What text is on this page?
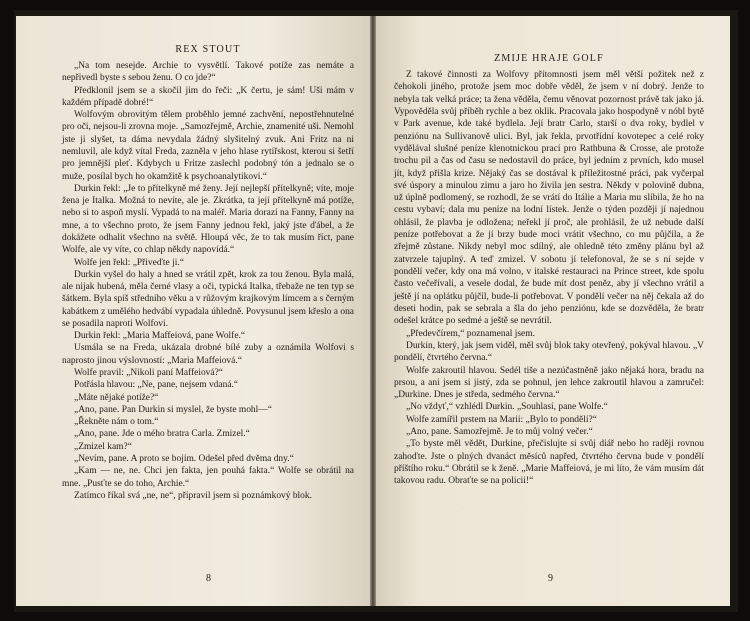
REX STOUT

„Na tom nesejde. Archie to vysvětlí. Takové potíže zas nemáte a nepřivedl byste s sebou ženu. O co jde?“

Předklonil jsem se a skočil jim do řeči: „K čertu, je sám! Uši mám v každém případě dobré!“

Wolfovým obrovitým tělem proběhlo jemné zachvění, nepostřehnutelné pro oči, nejsou-li zrovna moje. „Samozřejmě, Archie, znamenité uši. Nemohl jste ji slyšet, ta dáma nevydala žádný slyšitelný zvuk. Ani Fritz na ni nemluvil, ale když vítal Fredа, zazněla v jeho hlase rytířskost, kterou si šetří pro jemnější pleť. Kdybych u Fritze zaslechl podobný tón a jednalo se o muže, posílal bych ho okamžitě k psychoanalytikovi.“

Durkin řekl: „Je to přítelkyně mé ženy. Její nejlepší přítelkyně; víte, moje žena je Italka. Možná to nevíte, ale je. Zkrátka, ta její přítelkyně má potíže, nebo si to aspoň myslí. Vypadá to na maléř. Maria dorazí na Fanny, Fanny na mne, a to všechno proto, že jsem Fanny jednou řekl, jaký jste ďábel, a že dokážete odhalit všechno na světě. Hloupá věc, že to tak musím říct, pane Wolfe, ale vy víte, co chlap někdy napovídá.“

Wolfe jen řekl: „Přiveďte ji.“

Durkin vyšel do haly a hned se vrátil zpět, krok za tou ženou. Byla malá, ale nijak hubená, měla černé vlasy a oči, typická Italka, třebaže ne ten typ se šátkem. Byla spíš středního věku a v růžovým krajkovým límcem a s černým kabátkem z umělého hedvábí vypadala úhledně. Povysunul jsem křeslo a ona se posadila naproti Wolfovi.

Durkin řekl: „Maria Maffeiová, pane Wolfe.“

Usmála se na Freda, ukázala drobné bílé zuby a oznámila Wolfovi s naprosto jinou výslovností: „Maria Maffeiová.“

Wolfe pravil: „Nikoli paní Maffeiová?“

Potřásla hlavou: „Ne, pane, nejsem vdaná.“

„Máte nějaké potíže?“

„Ano, pane. Pan Durkin si myslel, že byste mohl—“

„Řekněte nám o tom.“

„Ano, pane. Jde o mého bratra Carla. Zmizel.“

„Zmizel kam?“

„Nevím, pane. A proto se bojím. Odešel před dvěma dny.“

„Kam — ne, ne. Chci jen fakta, jen pouhá fakta.“ Wolfe se obrátil na mne. „Pusťte se do toho, Archie.“

Zatímco říkal svá „ne, ne“, připravil jsem si poznámkový blok.

8
ZMIJE HRAJE GOLF

Z takové činnosti za Wolfovy přítomnosti jsem měl větší požitek než z čehokoli jiného, protože jsem moc dobře věděl, že jsem v ní dobrý. Jenže to nebyla tak velká práce; ta žena věděla, čemu věnovat pozornost právě tak jako já. Vypověděla svůj příběh rychle a bez oklik. Pracovala jako hospodyně v nóbl bytě v Park avenue, kde také bydlela. Její bratr Carlo, starší o dva roky, bydlel v penziónu na Sullivanově ulici. Byl, jak řekla, prvotřídní kovotepec a celé roky vydělával slušné peníze klenotnickou prací pro Rathbuna & Crosse, ale protože trochu pil a čas od času se nedostavil do práce, byl jedním z prvních, kdo musel jít, když přišla krize. Nějaký čas se dostával k příležitostné práci, pak vyčerpal své úspory a minulou zimu a jaro ho živila jen sestra. Někdy v polovině dubna, už úplně podlomený, se rozhodl, že se vrátí do Itálie a Maria mu slíbila, že ho na cestu vybaví; dala mu peníze na lodní lístek. Jenže o týden později jí najednou ohlásil, že plavba je odložena; neřekl jí proč, ale prohlásil, že už nebude další peníze potřebovat a že jí brzy bude moci vrátit všechno, co mu půjčila, a že zřejmě zůstane. Nikdy nebyl moc sdílný, ale ohledně této změny plánu byl až zatvrzele tajuplný. A teď zmizel. V sobotu jí telefonoval, že se s ní sejde v pondělí večer, kdy ona má volno, v italské restauraci na Prince street, kde spolu často večeřívali, a vesele dodal, že bude mít dost peněz, aby jí všechno vrátil a ještě jí na oplátku půjčil, bude-li potřebovat. V pondělí večer na něj čekala až do deseti hodin, pak se sebrala a šla do jeho penziónu, kde se dozvěděla, že bratr odešel krátce po sedmé a ještě se nevrátil.

„Předevčírem,“ poznamenal jsem.

Durkin, který, jak jsem viděl, měl svůj blok taky otevřený, pokýval hlavou. „V pondělí, čtvrtého června.“

Wolfe zakroutil hlavou. Sedél tiše a nezúčastněně jako nějaká hora, bradu na prsou, a ani jsem si jistý, zda se pohnul, jen lehce zakroutil hlavou a zamručel: „Durkine. Dnes je středa, sedmého června.“

„No vždyť,“ vzhlédl Durkin. „Souhlasí, pane Wolfe.“

Wolfe zamířil prstem na Marii: „Bylo to pondělí?“

„Ano, pane. Samozřejmě. Je to můj volný večer.“

„To byste měl vědět, Durkine, přečislujte si svůj diář nebo ho raději rovnou zahoďte. Jste o plných dvanáct měsíců napřed, čtvrtého června bude v pondělí příštího roku.“ Obrátil se k ženě. „Marie Maffeiová, je mi líto, že vám musím dát takovou radu. Obraťte se na policii!“

9
